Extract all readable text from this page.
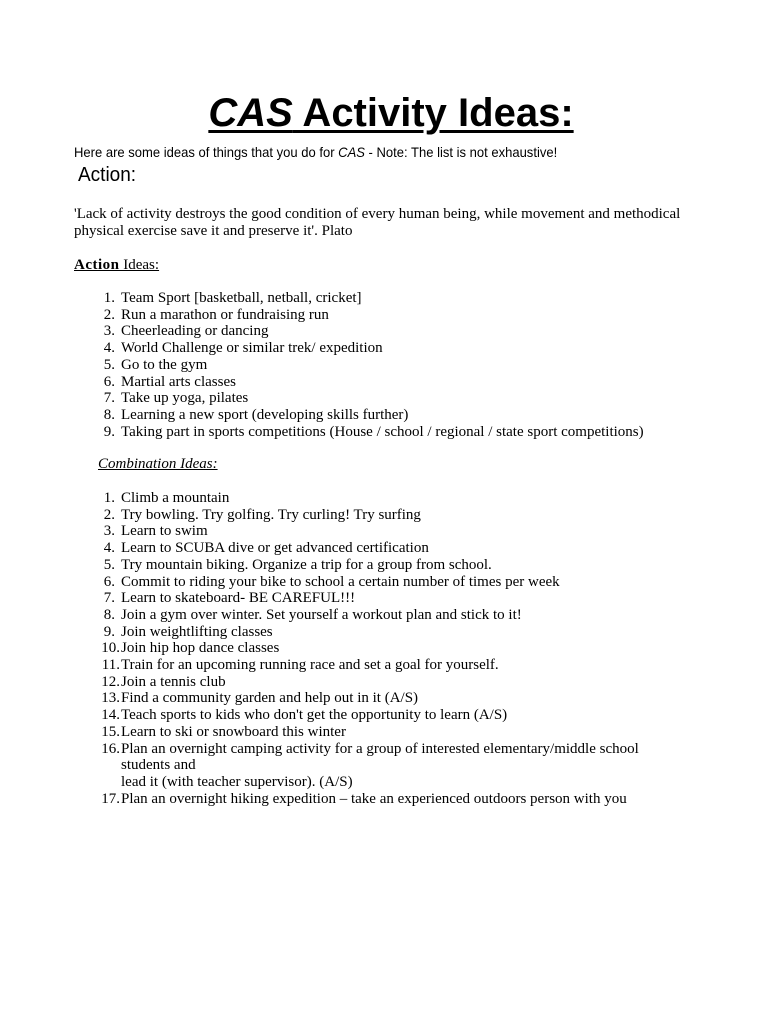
CAS Activity Ideas:
Here are some ideas of things that you do for CAS - Note: The list is not exhaustive!
Action:
'Lack of activity destroys the good condition of every human being, while movement and methodical physical exercise save it and preserve it'. Plato
Action Ideas:
1. Team Sport [basketball, netball, cricket]
2. Run a marathon or fundraising run
3. Cheerleading or dancing
4. World Challenge or similar trek/ expedition
5. Go to the gym
6. Martial arts classes
7. Take up yoga, pilates
8. Learning a new sport (developing skills further)
9. Taking part in sports competitions (House / school / regional / state sport competitions)
Combination Ideas:
1. Climb a mountain
2. Try bowling. Try golfing. Try curling! Try surfing
3. Learn to swim
4. Learn to SCUBA dive or get advanced certification
5. Try mountain biking. Organize a trip for a group from school.
6. Commit to riding your bike to school a certain number of times per week
7. Learn to skateboard- BE CAREFUL!!!
8. Join a gym over winter. Set yourself a workout plan and stick to it!
9. Join weightlifting classes
10. Join hip hop dance classes
11. Train for an upcoming running race and set a goal for yourself.
12. Join a tennis club
13. Find a community garden and help out in it (A/S)
14. Teach sports to kids who don't get the opportunity to learn (A/S)
15. Learn to ski or snowboard this winter
16. Plan an overnight camping activity for a group of interested elementary/middle school
students and
lead it (with teacher supervisor). (A/S)
17. Plan an overnight hiking expedition – take an experienced outdoors person with you
